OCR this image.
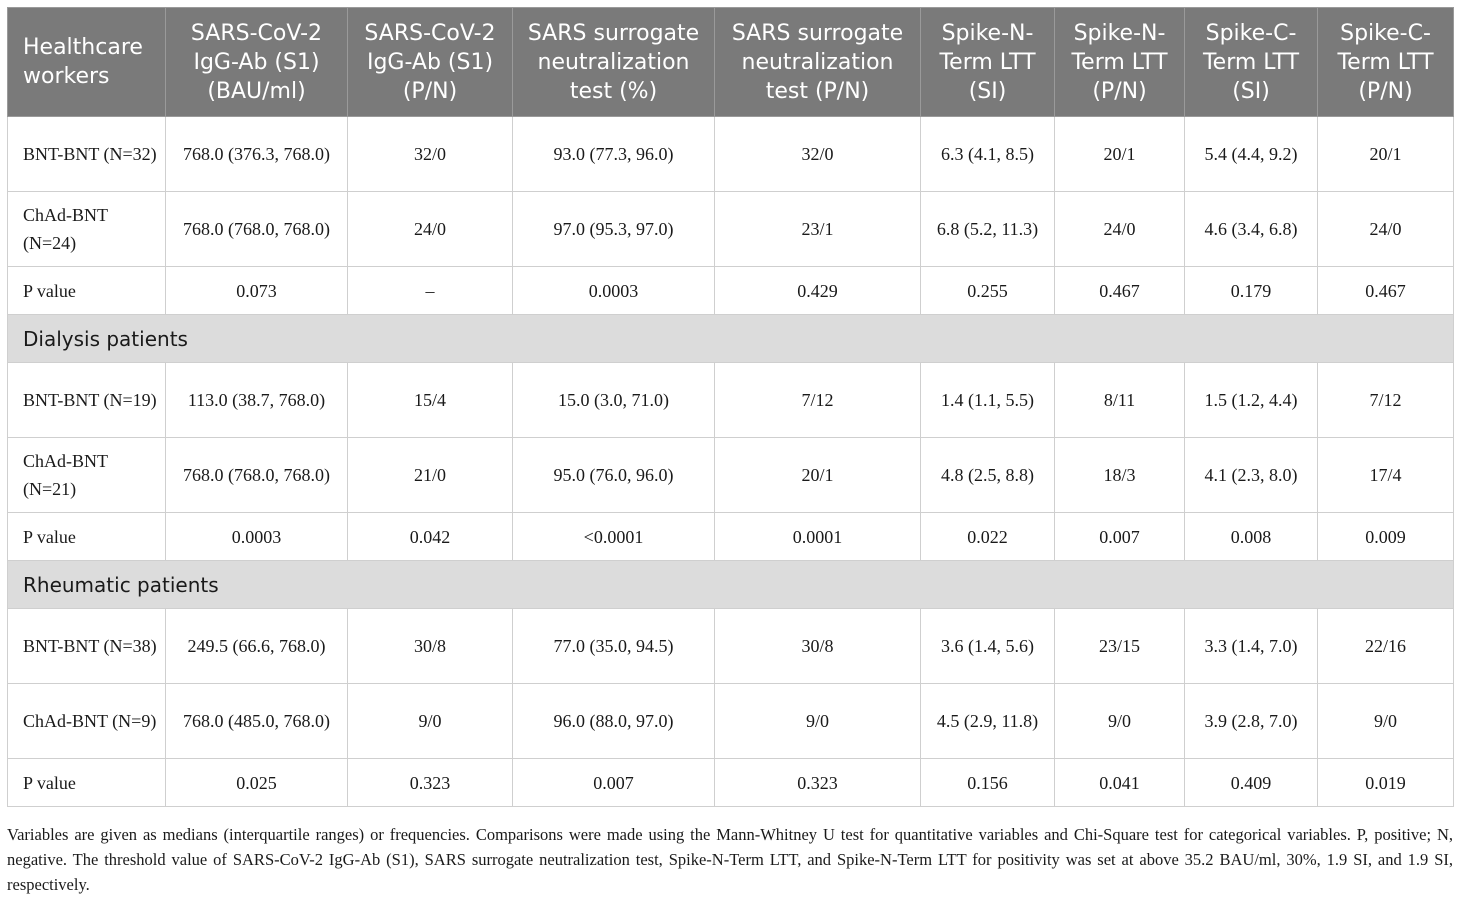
Healthcare workers	SARS-CoV-2 IgG-Ab (S1) (BAU/ml)	SARS-CoV-2 IgG-Ab (S1) (P/N)	SARS surrogate neutralization test (%)	SARS surrogate neutralization test (P/N)	Spike-N-Term LTT (SI)	Spike-N-Term LTT (P/N)	Spike-C-Term LTT (SI)	Spike-C-Term LTT (P/N)
BNT-BNT (N=32)	768.0 (376.3, 768.0)	32/0	93.0 (77.3, 96.0)	32/0	6.3 (4.1, 8.5)	20/1	5.4 (4.4, 9.2)	20/1
ChAd-BNT (N=24)	768.0 (768.0, 768.0)	24/0	97.0 (95.3, 97.0)	23/1	6.8 (5.2, 11.3)	24/0	4.6 (3.4, 6.8)	24/0
P value	0.073	–	0.0003	0.429	0.255	0.467	0.179	0.467
Dialysis patients								
BNT-BNT (N=19)	113.0 (38.7, 768.0)	15/4	15.0 (3.0, 71.0)	7/12	1.4 (1.1, 5.5)	8/11	1.5 (1.2, 4.4)	7/12
ChAd-BNT (N=21)	768.0 (768.0, 768.0)	21/0	95.0 (76.0, 96.0)	20/1	4.8 (2.5, 8.8)	18/3	4.1 (2.3, 8.0)	17/4
P value	0.0003	0.042	<0.0001	0.0001	0.022	0.007	0.008	0.009
Rheumatic patients								
BNT-BNT (N=38)	249.5 (66.6, 768.0)	30/8	77.0 (35.0, 94.5)	30/8	3.6 (1.4, 5.6)	23/15	3.3 (1.4, 7.0)	22/16
ChAd-BNT (N=9)	768.0 (485.0, 768.0)	9/0	96.0 (88.0, 97.0)	9/0	4.5 (2.9, 11.8)	9/0	3.9 (2.8, 7.0)	9/0
P value	0.025	0.323	0.007	0.323	0.156	0.041	0.409	0.019
Variables are given as medians (interquartile ranges) or frequencies. Comparisons were made using the Mann-Whitney U test for quantitative variables and Chi-Square test for categorical variables. P, positive; N, negative. The threshold value of SARS-CoV-2 IgG-Ab (S1), SARS surrogate neutralization test, Spike-N-Term LTT, and Spike-N-Term LTT for positivity was set at above 35.2 BAU/ml, 30%, 1.9 SI, and 1.9 SI, respectively.
